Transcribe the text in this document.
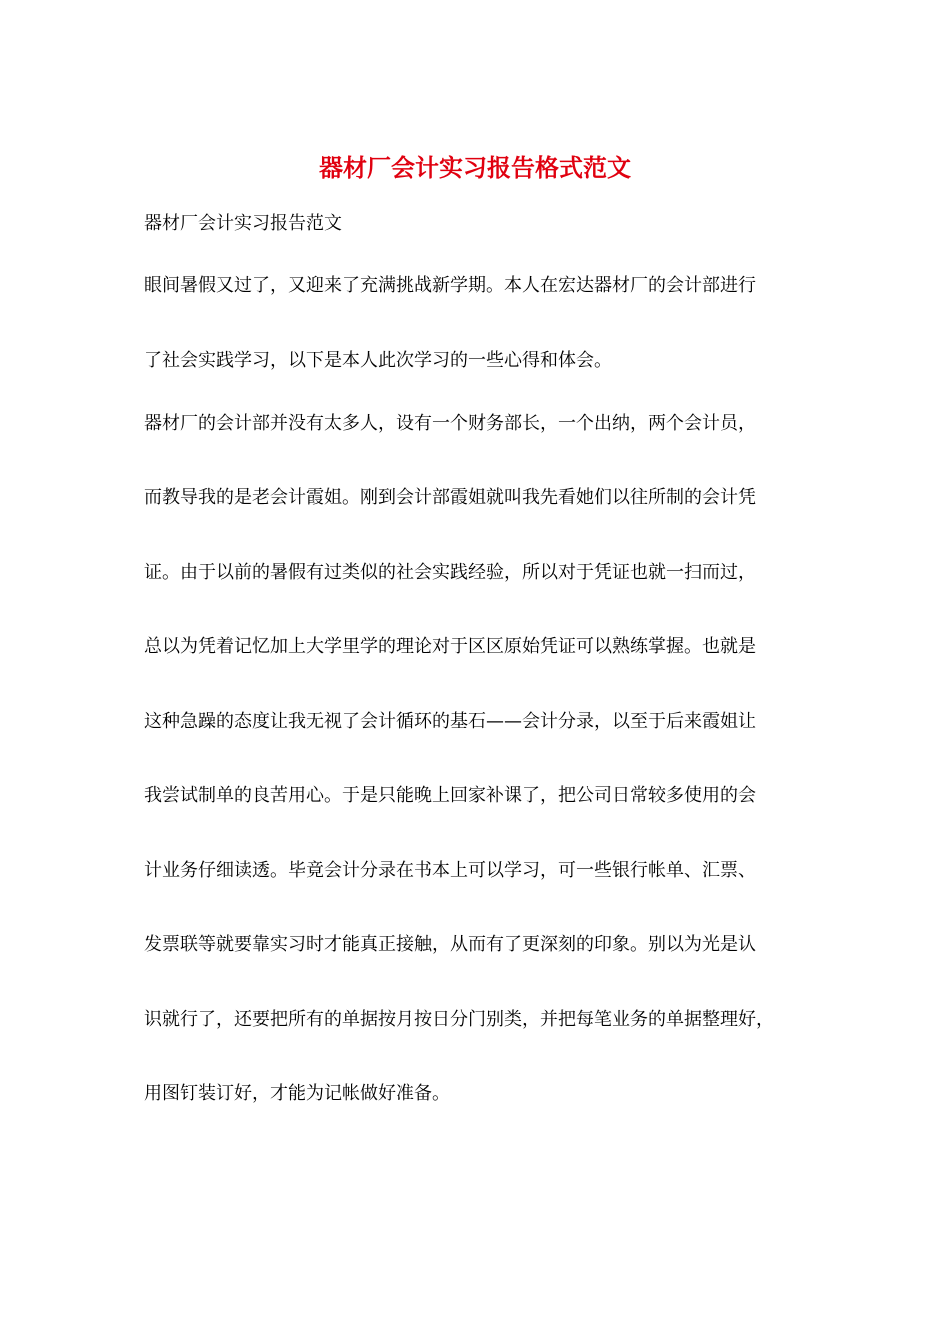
器材厂会计实习报告格式范文
器材厂会计实习报告范文
眼间暑假又过了，又迎来了充满挑战新学期。本人在宏达器材厂的会计部进行
了社会实践学习，以下是本人此次学习的一些心得和体会。
器材厂的会计部并没有太多人，设有一个财务部长，一个出纳，两个会计员，
而教导我的是老会计霞姐。刚到会计部霞姐就叫我先看她们以往所制的会计凭
证。由于以前的暑假有过类似的社会实践经验，所以对于凭证也就一扫而过，
总以为凭着记忆加上大学里学的理论对于区区原始凭证可以熟练掌握。也就是
这种急躁的态度让我无视了会计循环的基石——会计分录，以至于后来霞姐让
我尝试制单的良苦用心。于是只能晚上回家补课了，把公司日常较多使用的会
计业务仔细读透。毕竟会计分录在书本上可以学习，可一些银行帐单、汇票、
发票联等就要靠实习时才能真正接触，从而有了更深刻的印象。别以为光是认
识就行了，还要把所有的单据按月按日分门别类，并把每笔业务的单据整理好，
用图钉装订好，才能为记帐做好准备。
